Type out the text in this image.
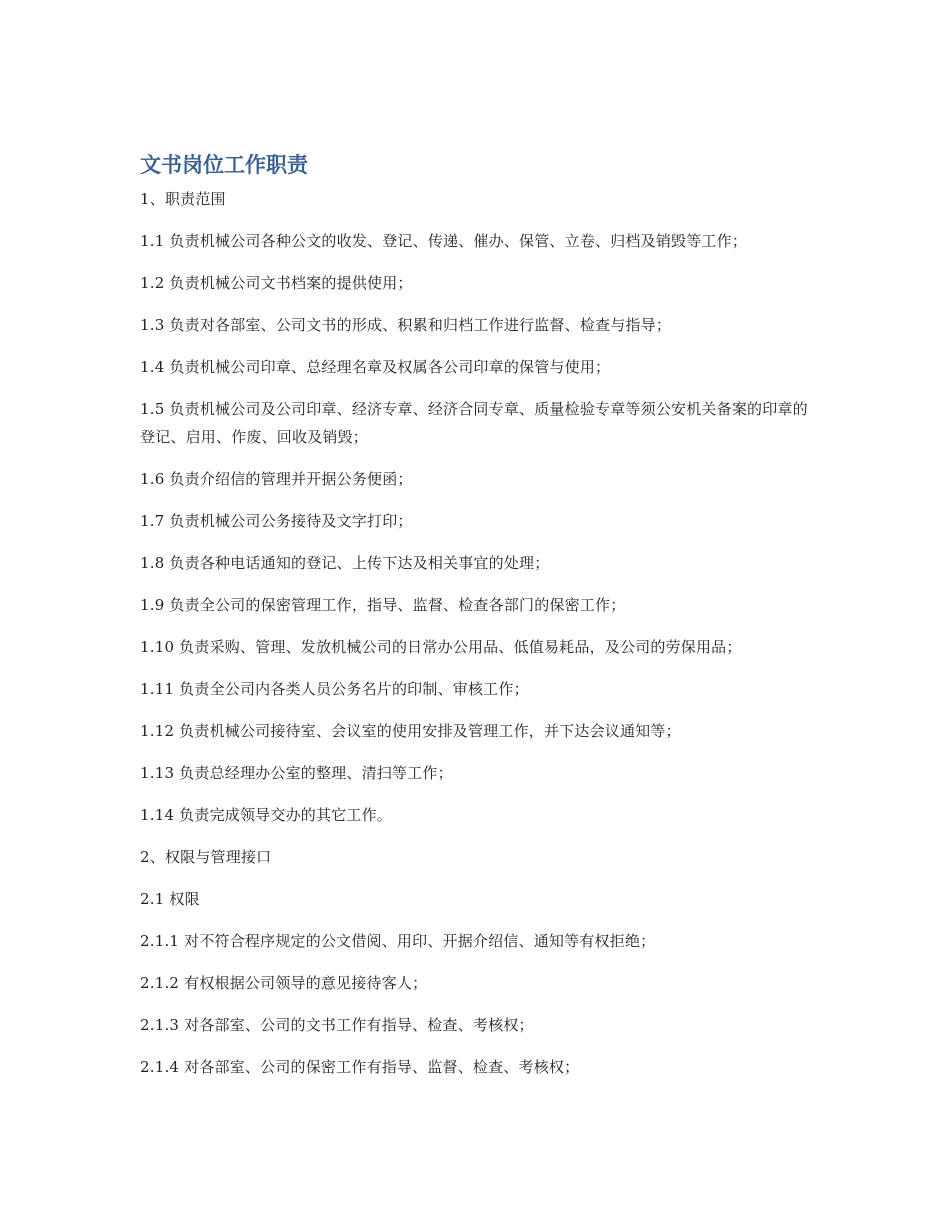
文书岗位工作职责

1、职责范围

1.1 负责机械公司各种公文的收发、登记、传递、催办、保管、立卷、归档及销毁等工作；

1.2 负责机械公司文书档案的提供使用；

1.3 负责对各部室、公司文书的形成、积累和归档工作进行监督、检查与指导；

1.4 负责机械公司印章、总经理名章及权属各公司印章的保管与使用；

1.5 负责机械公司及公司印章、经济专章、经济合同专章、质量检验专章等须公安机关备案的印章的登记、启用、作废、回收及销毁；

1.6 负责介绍信的管理并开据公务便函；

1.7 负责机械公司公务接待及文字打印；

1.8 负责各种电话通知的登记、上传下达及相关事宜的处理；

1.9 负责全公司的保密管理工作，指导、监督、检查各部门的保密工作；

1.10 负责采购、管理、发放机械公司的日常办公用品、低值易耗品，及公司的劳保用品；

1.11 负责全公司内各类人员公务名片的印制、审核工作；

1.12 负责机械公司接待室、会议室的使用安排及管理工作，并下达会议通知等；

1.13 负责总经理办公室的整理、清扫等工作；

1.14 负责完成领导交办的其它工作。

2、权限与管理接口

2.1 权限

2.1.1 对不符合程序规定的公文借阅、用印、开据介绍信、通知等有权拒绝；

2.1.2 有权根据公司领导的意见接待客人；

2.1.3 对各部室、公司的文书工作有指导、检查、考核权；

2.1.4 对各部室、公司的保密工作有指导、监督、检查、考核权；
